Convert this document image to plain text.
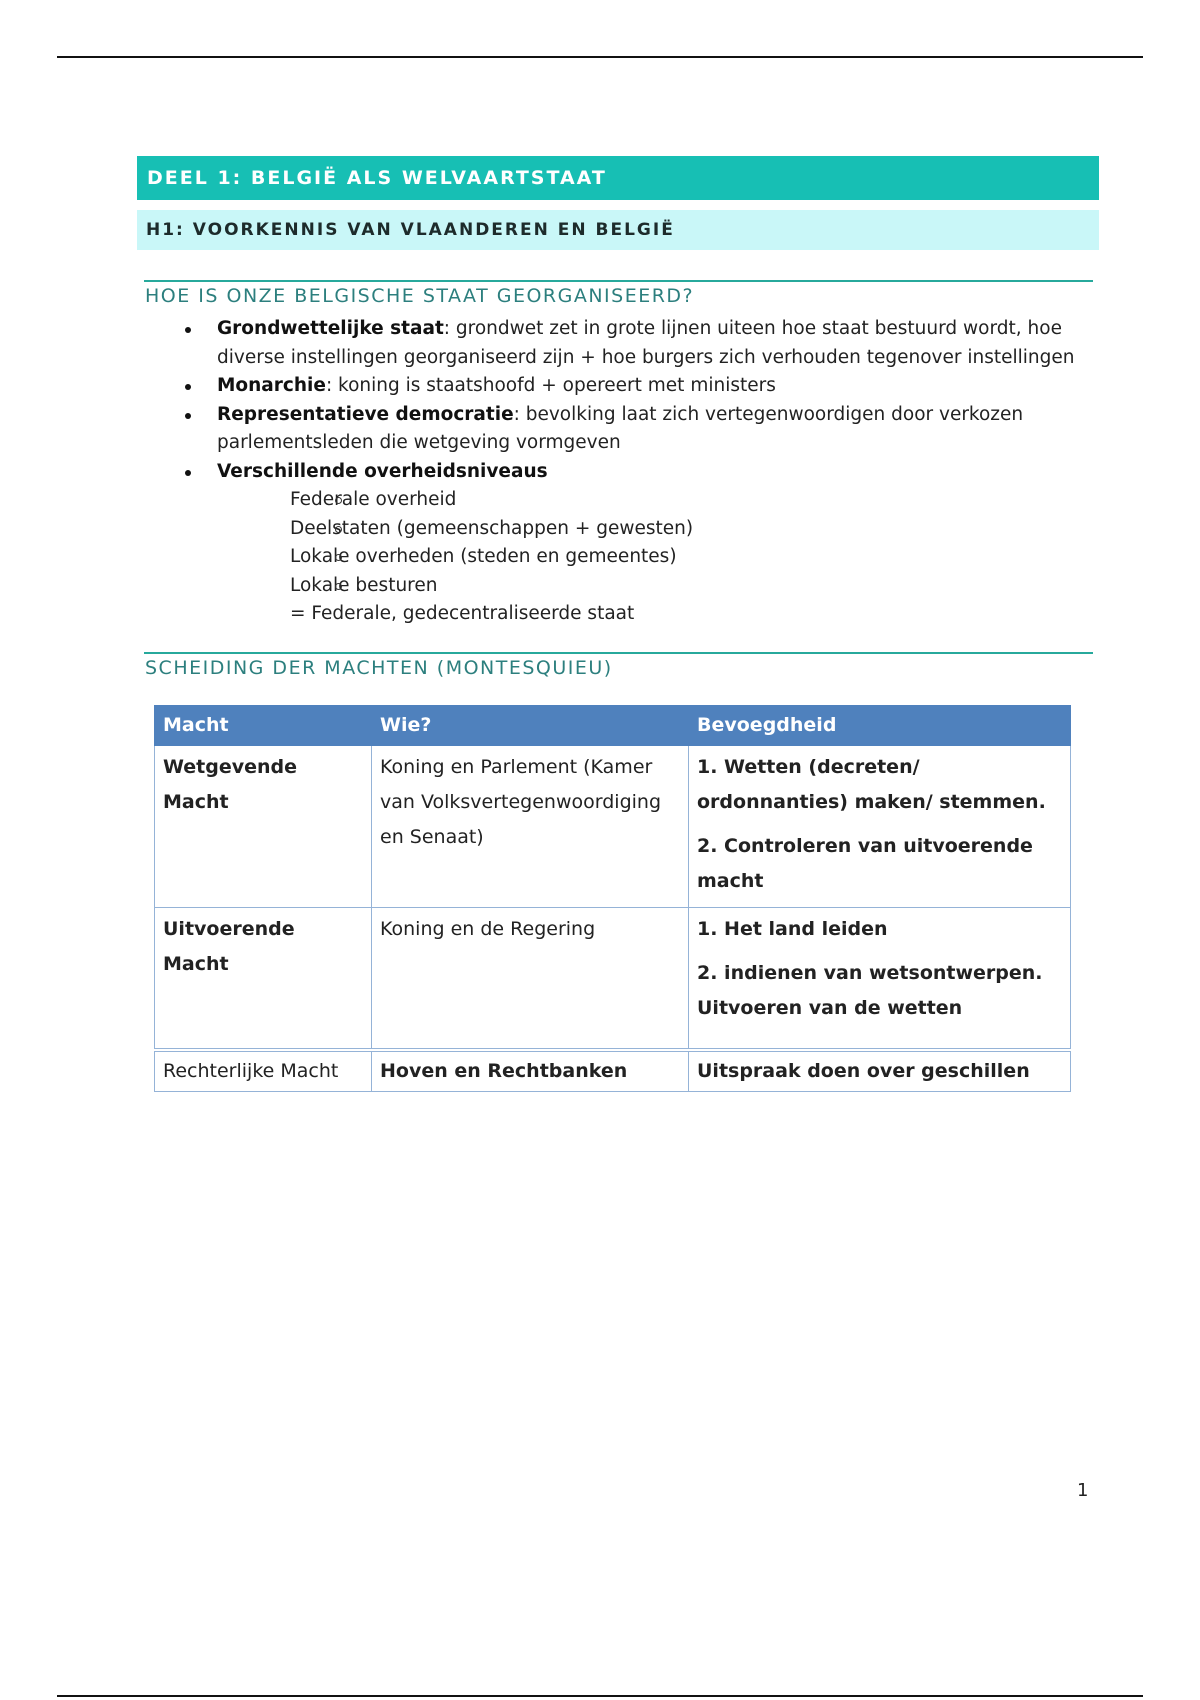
DEEL 1: BELGIË ALS WELVAARTSTAAT
H1: VOORKENNIS VAN VLAANDEREN EN BELGIË
HOE IS ONZE BELGISCHE STAAT GEORGANISEERD?
Grondwettelijke staat: grondwet zet in grote lijnen uiteen hoe staat bestuurd wordt, hoe diverse instellingen georganiseerd zijn + hoe burgers zich verhouden tegenover instellingen
Monarchie: koning is staatshoofd + opereert met ministers
Representatieve democratie: bevolking laat zich vertegenwoordigen door verkozen parlementsleden die wetgeving vormgeven
Verschillende overheidsniveaus
Federale overheid
Deelstaten (gemeenschappen + gewesten)
Lokale overheden (steden en gemeentes)
Lokale besturen
= Federale, gedecentraliseerde staat
SCHEIDING DER MACHTEN (MONTESQUIEU)
Macht	Wie?	Bevoegdheid
Wetgevende Macht	Koning en Parlement (Kamer van Volksvertegenwoordiging en Senaat)	1. Wetten (decreten/ ordonnanties) maken/ stemmen.

2. Controleren van uitvoerende macht

Uitvoerende Macht	Koning en de Regering	1. Het land leiden

2. indienen van wetsontwerpen. Uitvoeren van de wetten

Rechterlijke Macht	Hoven en Rechtbanken	Uitspraak doen over geschillen

1
